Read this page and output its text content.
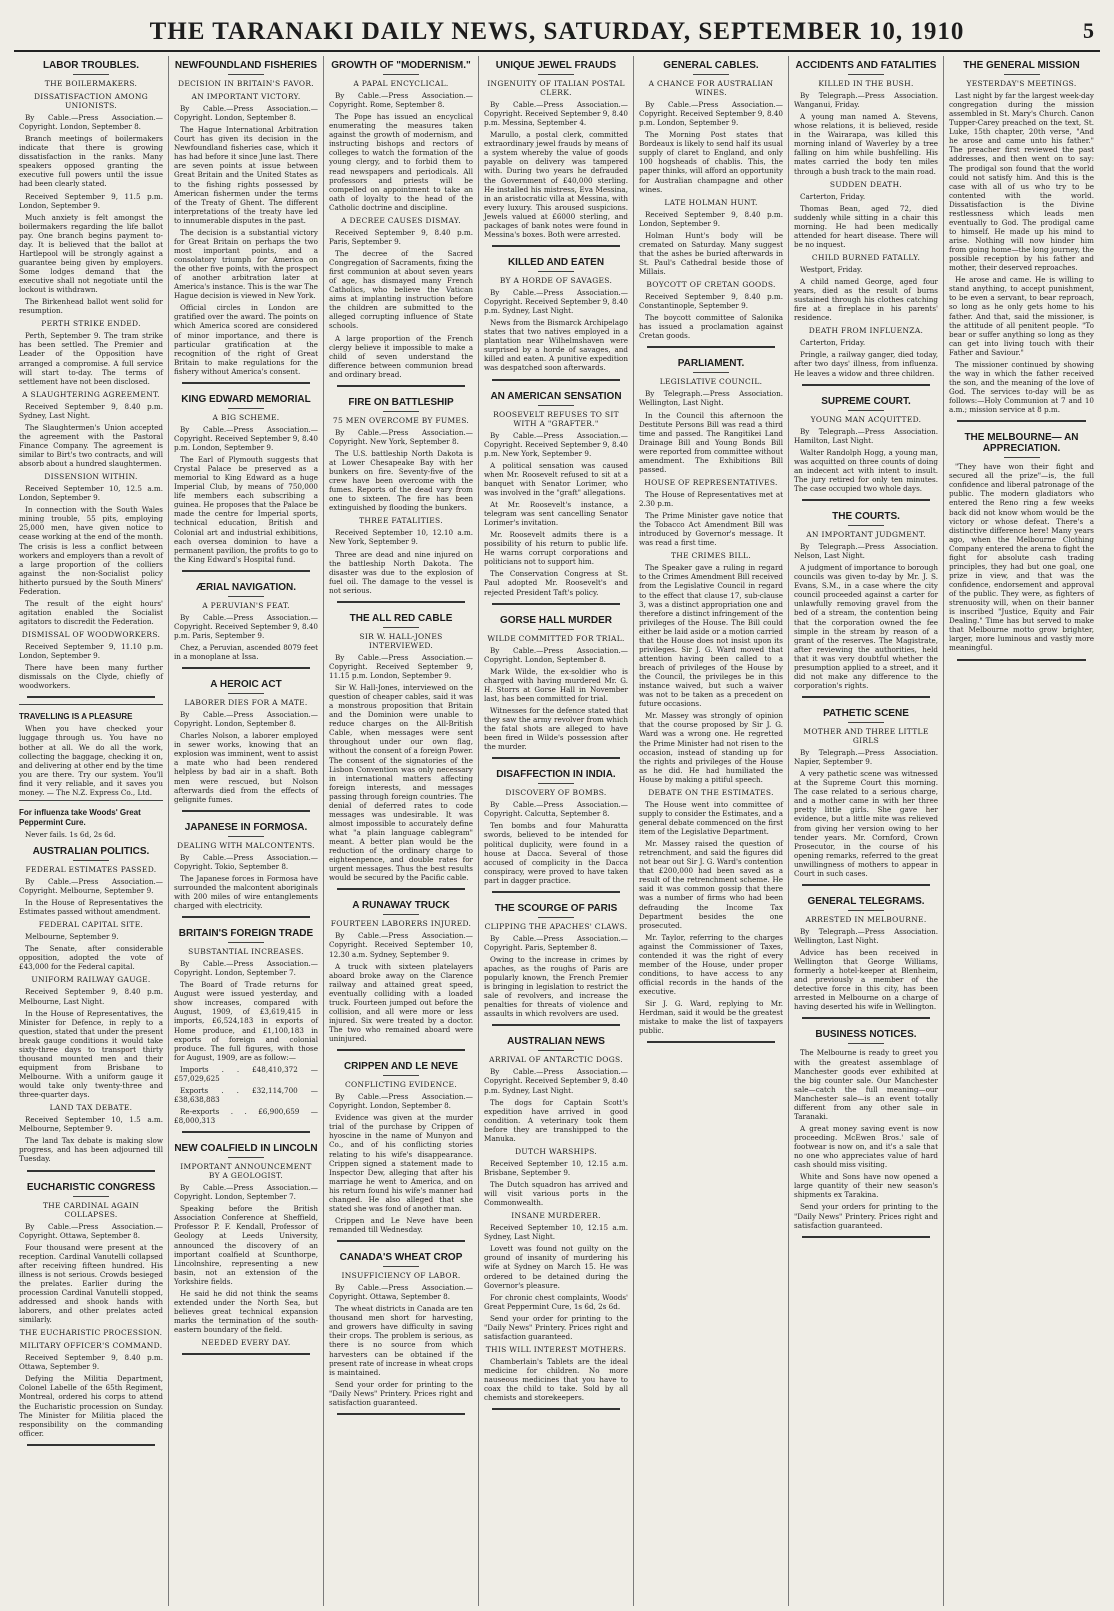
THE TARANAKI DAILY NEWS, SATURDAY, SEPTEMBER 10, 1910	5
LABOR TROUBLES.
THE BOILERMAKERS.
DISSATISFACTION AMONG UNIONISTS.
By Cable.—Press Association.—Copyright. London, September 8.
Branch meetings of boilermakers indicate that there is growing dissatisfaction in the ranks. Many speakers opposed granting the executive full powers until the issue had been clearly stated.
Received September 9, 11.5 p.m. London, September 9.
Much anxiety is felt amongst the boilermakers regarding the life ballot pay. One branch begins payment to-day. It is believed that the ballot at Hartlepool will be strongly against a guarantee being given by employers. Some lodges demand that the executive shall not negotiate until the lockout is withdrawn.
The Birkenhead ballot went solid for resumption.
PERTH STRIKE ENDED.
Perth, September 9. The tram strike has been settled. The Premier and Leader of the Opposition have arranged a compromise. A full service will start to-day. The terms of settlement have not been disclosed.
A SLAUGHTERING AGREEMENT.
Received September 9, 8.40 p.m. Sydney, Last Night.
The Slaughtermen's Union accepted the agreement with the Pastoral Finance Company. The agreement is similar to Birt's two contracts, and will absorb about a hundred slaughtermen.
DISSENSION WITHIN.
Received September 10, 12.5 a.m. London, September 9.
In connection with the South Wales mining trouble, 55 pits, employing 25,000 men, have given notice to cease working at the end of the month. The crisis is less a conflict between workers and employers than a revolt of a large proportion of the colliers against the non-Socialist policy hitherto pursued by the South Miners' Federation.
The result of the eight hours' agitation enabled the Socialist agitators to discredit the Federation.
DISMISSAL OF WOODWORKERS.
Received September 9, 11.10 p.m. London, September 9.
There have been many further dismissals on the Clyde, chiefly of woodworkers.
TRAVELLING IS A PLEASURE
When you have checked your luggage through us. You have no bother at all. We do all the work, collecting the baggage, checking it on, and delivering at other end by the time you are there. Try our system. You'll find it very reliable, and it saves you money. — The N.Z. Express Co., Ltd.
For influenza take Woods' Great Peppermint Cure.
Never fails. 1s 6d, 2s 6d.
AUSTRALIAN POLITICS.
FEDERAL ESTIMATES PASSED.
By Cable.—Press Association.—Copyright. Melbourne, September 9.
In the House of Representatives the Estimates passed without amendment.
FEDERAL CAPITAL SITE.
Melbourne, September 9.
The Senate, after considerable opposition, adopted the vote of £43,000 for the Federal capital.
UNIFORM RAILWAY GAUGE.
Received September 9, 8.40 p.m. Melbourne, Last Night.
In the House of Representatives, the Minister for Defence, in reply to a question, stated that under the present break gauge conditions it would take sixty-three days to transport thirty thousand mounted men and their equipment from Brisbane to Melbourne. With a uniform gauge it would take only twenty-three and three-quarter days.
LAND TAX DEBATE.
Received September 10, 1.5 a.m. Melbourne, September 9.
The land Tax debate is making slow progress, and has been adjourned till Tuesday.
EUCHARISTIC CONGRESS
THE CARDINAL AGAIN COLLAPSES.
By Cable.—Press Association.—Copyright. Ottawa, September 8.
Four thousand were present at the reception. Cardinal Vanutelli collapsed after receiving fifteen hundred. His illness is not serious. Crowds besieged the prelates. Earlier during the procession Cardinal Vanutelli stopped, addressed and shook hands with laborers, and other prelates acted similarly.
THE EUCHARISTIC PROCESSION.
MILITARY OFFICER'S COMMAND.
Received September 9, 8.40 p.m. Ottawa, September 9.
Defying the Militia Department, Colonel Labelle of the 65th Regiment, Montreal, ordered his corps to attend the Eucharistic procession on Sunday. The Minister for Militia placed the responsibility on the commanding officer.
NEWFOUNDLAND FISHERIES
DECISION IN BRITAIN'S FAVOR.
AN IMPORTANT VICTORY.
By Cable.—Press Association.—Copyright. London, September 8.
The Hague International Arbitration Court has given its decision in the Newfoundland fisheries case, which it has had before it since June last. There are seven points at issue between Great Britain and the United States as to the fishing rights possessed by American fishermen under the terms of the Treaty of Ghent. The different interpretations of the treaty have led to innumerable disputes in the past.
The decision is a substantial victory for Great Britain on perhaps the two most important points, and a consolatory triumph for America on the other five points, with the prospect of another arbitration later at America's instance. This is the war The Hague decision is viewed in New York.
Official circles in London are gratified over the award. The points on which America scored are considered of minor importance, and there is particular gratification at the recognition of the right of Great Britain to make regulations for the fishery without America's consent.
KING EDWARD MEMORIAL
A BIG SCHEME.
By Cable.—Press Association.—Copyright. Received September 9, 8.40 p.m. London, September 9.
The Earl of Plymouth suggests that Crystal Palace be preserved as a memorial to King Edward as a huge Imperial Club, by means of 750,000 life members each subscribing a guinea. He proposes that the Palace be made the centre for Imperial sports, technical education, British and Colonial art and industrial exhibitions, each oversea dominion to have a permanent pavilion, the profits to go to the King Edward's Hospital fund.
ÆRIAL NAVIGATION.
A PERUVIAN'S FEAT.
By Cable.—Press Association.—Copyright. Received September 9, 8.40 p.m. Paris, September 9.
Chez, a Peruvian, ascended 8079 feet in a monoplane at Issa.
A HEROIC ACT
LABORER DIES FOR A MATE.
By Cable.—Press Association.—Copyright. London, September 8.
Charles Nolson, a laborer employed in sewer works, knowing that an explosion was imminent, went to assist a mate who had been rendered helpless by bad air in a shaft. Both men were rescued, but Nolson afterwards died from the effects of gelignite fumes.
JAPANESE IN FORMOSA.
DEALING WITH MALCONTENTS.
By Cable.—Press Association.—Copyright. Tokio, September 8.
The Japanese forces in Formosa have surrounded the malcontent aboriginals with 200 miles of wire entanglements charged with electricity.
BRITAIN'S FOREIGN TRADE
SUBSTANTIAL INCREASES.
By Cable.—Press Association.—Copyright. London, September 7.
The Board of Trade returns for August were issued yesterday, and show increases, compared with August, 1909, of £3,619,415 in imports, £6,524,183 in exports of Home produce, and £1,100,183 in exports of foreign and colonial produce. The full figures, with those for August, 1909, are as follow:—
Imports . . £48,410,372 — £57,029,625
Exports . . £32,114,700 — £38,638,883
Re-exports . . £6,900,659 — £8,000,313
NEW COALFIELD IN LINCOLN
IMPORTANT ANNOUNCEMENT BY A GEOLOGIST.
By Cable.—Press Association.—Copyright. London, September 7.
Speaking before the British Association Conference at Sheffield, Professor P. F. Kendall, Professor of Geology at Leeds University, announced the discovery of an important coalfield at Scunthorpe, Lincolnshire, representing a new basin, not an extension of the Yorkshire fields.
He said he did not think the seams extended under the North Sea, but believes great technical expansion marks the termination of the south-eastern boundary of the field.
NEEDED EVERY DAY.
GROWTH OF "MODERNISM."
A PAPAL ENCYCLICAL.
By Cable.—Press Association.—Copyright. Rome, September 8.
The Pope has issued an encyclical enumerating the measures taken against the growth of modernism, and instructing bishops and rectors of colleges to watch the formation of the young clergy, and to forbid them to read newspapers and periodicals. All professors and priests will be compelled on appointment to take an oath of loyalty to the head of the Catholic doctrine and discipline.
A DECREE CAUSES DISMAY.
Received September 9, 8.40 p.m. Paris, September 9.
The decree of the Sacred Congregation of Sacraments, fixing the first communion at about seven years of age, has dismayed many French Catholics, who believe the Vatican aims at implanting instruction before the children are submitted to the alleged corrupting influence of State schools.
A large proportion of the French clergy believe it impossible to make a child of seven understand the difference between communion bread and ordinary bread.
FIRE ON BATTLESHIP
75 MEN OVERCOME BY FUMES.
By Cable.—Press Association.—Copyright. New York, September 8.
The U.S. battleship North Dakota is at Lower Chesapeake Bay with her bunkers on fire. Seventy-five of the crew have been overcome with the fumes. Reports of the dead vary from one to sixteen. The fire has been extinguished by flooding the bunkers.
THREE FATALITIES.
Received September 10, 12.10 a.m. New York, September 9.
Three are dead and nine injured on the battleship North Dakota. The disaster was due to the explosion of fuel oil. The damage to the vessel is not serious.
THE ALL RED CABLE
SIR W. HALL-JONES INTERVIEWED.
By Cable.—Press Association.—Copyright. Received September 9, 11.15 p.m. London, September 9.
Sir W. Hall-Jones, interviewed on the question of cheaper cables, said it was a monstrous proposition that Britain and the Dominion were unable to reduce charges on the All-British Cable, when messages were sent throughout under our own flag, without the consent of a foreign Power. The consent of the signatories of the Lisbon Convention was only necessary in international matters affecting foreign interests, and messages passing through foreign countries. The denial of deferred rates to code messages was undesirable. It was almost impossible to accurately define what "a plain language cablegram" meant. A better plan would be the reduction of the ordinary charge to eighteenpence, and double rates for urgent messages. Thus the best results would be secured by the Pacific cable.
A RUNAWAY TRUCK
FOURTEEN LABORERS INJURED.
By Cable.—Press Association.—Copyright. Received September 10, 12.30 a.m. Sydney, September 9.
A truck with sixteen platelayers aboard broke away on the Clarence railway and attained great speed, eventually colliding with a loaded truck. Fourteen jumped out before the collision, and all were more or less injured. Six were treated by a doctor. The two who remained aboard were uninjured.
CRIPPEN AND LE NEVE
CONFLICTING EVIDENCE.
By Cable.—Press Association.—Copyright. London, September 8.
Evidence was given at the murder trial of the purchase by Crippen of hyoscine in the name of Munyon and Co., and of his conflicting stories relating to his wife's disappearance. Crippen signed a statement made to Inspector Dew, alleging that after his marriage he went to America, and on his return found his wife's manner had changed. He also alleged that she stated she was fond of another man.
Crippen and Le Neve have been remanded till Wednesday.
CANADA'S WHEAT CROP
INSUFFICIENCY OF LABOR.
By Cable.—Press Association.—Copyright. Ottawa, September 8.
The wheat districts in Canada are ten thousand men short for harvesting, and growers have difficulty in saving their crops. The problem is serious, as there is no source from which harvesters can be obtained if the present rate of increase in wheat crops is maintained.
Send your order for printing to the "Daily News" Printery. Prices right and satisfaction guaranteed.
UNIQUE JEWEL FRAUDS
INGENUITY OF ITALIAN POSTAL CLERK.
By Cable.—Press Association.—Copyright. Received September 9, 8.40 p.m. Messina, September 4.
Marullo, a postal clerk, committed extraordinary jewel frauds by means of a system whereby the value of goods payable on delivery was tampered with. During two years he defrauded the Government of £40,000 sterling. He installed his mistress, Eva Messina, in an aristocratic villa at Messina, with every luxury. This aroused suspicions. Jewels valued at £6000 sterling, and packages of bank notes were found in Messina's boxes. Both were arrested.
KILLED AND EATEN
BY A HORDE OF SAVAGES.
By Cable.—Press Association.—Copyright. Received September 9, 8.40 p.m. Sydney, Last Night.
News from the Bismarck Archipelago states that two natives employed in a plantation near Wilhelmshaven were surprised by a horde of savages, and killed and eaten. A punitive expedition was despatched soon afterwards.
AN AMERICAN SENSATION
ROOSEVELT REFUSES TO SIT WITH A "GRAFTER."
By Cable.—Press Association.—Copyright. Received September 9, 8.40 p.m. New York, September 9.
A political sensation was caused when Mr. Roosevelt refused to sit at a banquet with Senator Lorimer, who was involved in the "graft" allegations.
At Mr. Roosevelt's instance, a telegram was sent cancelling Senator Lorimer's invitation.
Mr. Roosevelt admits there is a possibility of his return to public life. He warns corrupt corporations and politicians not to support him.
The Conservation Congress at St. Paul adopted Mr. Roosevelt's and rejected President Taft's policy.
GORSE HALL MURDER
WILDE COMMITTED FOR TRIAL.
By Cable.—Press Association.—Copyright. London, September 8.
Mark Wilde, the ex-soldier who is charged with having murdered Mr. G. H. Storrs at Gorse Hall in November last, has been committed for trial.
Witnesses for the defence stated that they saw the army revolver from which the fatal shots are alleged to have been fired in Wilde's possession after the murder.
DISAFFECTION IN INDIA.
DISCOVERY OF BOMBS.
By Cable.—Press Association.—Copyright. Calcutta, September 8.
Ten bombs and four Mahuratta swords, believed to be intended for political duplicity, were found in a house at Dacca. Several of those accused of complicity in the Dacca conspiracy, were proved to have taken part in dagger practice.
THE SCOURGE OF PARIS
CLIPPING THE APACHES' CLAWS.
By Cable.—Press Association.—Copyright. Paris, September 8.
Owing to the increase in crimes by apaches, as the roughs of Paris are popularly known, the French Premier is bringing in legislation to restrict the sale of revolvers, and increase the penalties for threats of violence and assaults in which revolvers are used.
AUSTRALIAN NEWS
ARRIVAL OF ANTARCTIC DOGS.
By Cable.—Press Association.—Copyright. Received September 9, 8.40 p.m. Sydney, Last Night.
The dogs for Captain Scott's expedition have arrived in good condition. A veterinary took them before they are transhipped to the Manuka.
DUTCH WARSHIPS.
Received September 10, 12.15 a.m. Brisbane, September 9.
The Dutch squadron has arrived and will visit various ports in the Commonwealth.
INSANE MURDERER.
Received September 10, 12.15 a.m. Sydney, Last Night.
Lovett was found not guilty on the ground of insanity of murdering his wife at Sydney on March 15. He was ordered to be detained during the Governor's pleasure.
For chronic chest complaints, Woods' Great Peppermint Cure, 1s 6d, 2s 6d.
Send your order for printing to the "Daily News" Printery. Prices right and satisfaction guaranteed.
THIS WILL INTEREST MOTHERS.
Chamberlain's Tablets are the ideal medicine for children. No more nauseous medicines that you have to coax the child to take. Sold by all chemists and storekeepers.
GENERAL CABLES.
A CHANCE FOR AUSTRALIAN WINES.
By Cable.—Press Association.—Copyright. Received September 9, 8.40 p.m. London, September 9.
The Morning Post states that Bordeaux is likely to send half its usual supply of claret to England, and only 100 hogsheads of chablis. This, the paper thinks, will afford an opportunity for Australian champagne and other wines.
LATE HOLMAN HUNT.
Received September 9, 8.40 p.m. London, September 9.
Holman Hunt's body will be cremated on Saturday. Many suggest that the ashes be buried afterwards in St. Paul's Cathedral beside those of Millais.
BOYCOTT OF CRETAN GOODS.
Received September 9, 8.40 p.m. Constantinople, September 9.
The boycott committee of Salonika has issued a proclamation against Cretan goods.
PARLIAMENT.
LEGISLATIVE COUNCIL.
By Telegraph.—Press Association. Wellington, Last Night.
In the Council this afternoon the Destitute Persons Bill was read a third time and passed. The Rangitikei Land Drainage Bill and Young Bonds Bill were reported from committee without amendment. The Exhibitions Bill passed.
HOUSE OF REPRESENTATIVES.
The House of Representatives met at 2.30 p.m.
The Prime Minister gave notice that the Tobacco Act Amendment Bill was introduced by Governor's message. It was read a first time.
THE CRIMES BILL.
The Speaker gave a ruling in regard to the Crimes Amendment Bill received from the Legislative Council in regard to the effect that clause 17, sub-clause 3, was a distinct appropriation one and therefore a distinct infringement of the privileges of the House. The Bill could either be laid aside or a motion carried that the House does not insist upon its privileges. Sir J. G. Ward moved that attention having been called to a breach of privileges of the House by the Council, the privileges be in this instance waived, but such a waiver was not to be taken as a precedent on future occasions.
Mr. Massey was strongly of opinion that the course proposed by Sir J. G. Ward was a wrong one. He regretted the Prime Minister had not risen to the occasion, instead of standing up for the rights and privileges of the House as he did. He had humiliated the House by making a pitiful speech.
DEBATE ON THE ESTIMATES.
The House went into committee of supply to consider the Estimates, and a general debate commenced on the first item of the Legislative Department.
Mr. Massey raised the question of retrenchment, and said the figures did not bear out Sir J. G. Ward's contention that £200,000 had been saved as a result of the retrenchment scheme. He said it was common gossip that there was a number of firms who had been defrauding the Income Tax Department besides the one prosecuted.
Mr. Taylor, referring to the charges against the Commissioner of Taxes, contended it was the right of every member of the House, under proper conditions, to have access to any official records in the hands of the executive.
Sir J. G. Ward, replying to Mr. Herdman, said it would be the greatest mistake to make the list of taxpayers public.
ACCIDENTS AND FATALITIES
KILLED IN THE BUSH.
By Telegraph.—Press Association. Wanganui, Friday.
A young man named A. Stevens, whose relations, it is believed, reside in the Wairarapa, was killed this morning inland of Waverley by a tree falling on him while bushfelling. His mates carried the body ten miles through a bush track to the main road.
SUDDEN DEATH.
Carterton, Friday.
Thomas Bean, aged 72, died suddenly while sitting in a chair this morning. He had been medically attended for heart disease. There will be no inquest.
CHILD BURNED FATALLY.
Westport, Friday.
A child named George, aged four years, died as the result of burns sustained through his clothes catching fire at a fireplace in his parents' residence.
DEATH FROM INFLUENZA.
Carterton, Friday.
Pringle, a railway ganger, died today, after two days' illness, from influenza. He leaves a widow and three children.
SUPREME COURT.
YOUNG MAN ACQUITTED.
By Telegraph.—Press Association. Hamilton, Last Night.
Walter Randolph Hogg, a young man, was acquitted on three counts of doing an indecent act with intent to insult. The jury retired for only ten minutes. The case occupied two whole days.
THE COURTS.
AN IMPORTANT JUDGMENT.
By Telegraph.—Press Association. Nelson, Last Night.
A judgment of importance to borough councils was given to-day by Mr. J. S. Evans, S.M., in a case where the city council proceeded against a carter for unlawfully removing gravel from the bed of a stream, the contention being that the corporation owned the fee simple in the stream by reason of a grant of the reserves. The Magistrate, after reviewing the authorities, held that it was very doubtful whether the presumption applied to a street, and it did not make any difference to the corporation's rights.
PATHETIC SCENE
MOTHER AND THREE LITTLE GIRLS
By Telegraph.—Press Association. Napier, September 9.
A very pathetic scene was witnessed at the Supreme Court this morning. The case related to a serious charge, and a mother came in with her three pretty little girls. She gave her evidence, but a little mite was relieved from giving her version owing to her tender years. Mr. Cornford, Crown Prosecutor, in the course of his opening remarks, referred to the great unwillingness of mothers to appear in Court in such cases.
GENERAL TELEGRAMS.
ARRESTED IN MELBOURNE.
By Telegraph.—Press Association. Wellington, Last Night.
Advice has been received in Wellington that George Williams, formerly a hotel-keeper at Blenheim, and previously a member of the detective force in this city, has been arrested in Melbourne on a charge of having deserted his wife in Wellington.
BUSINESS NOTICES.
The Melbourne is ready to greet you with the greatest assemblage of Manchester goods ever exhibited at the big counter sale. Our Manchester sale—catch the full meaning—our Manchester sale—is an event totally different from any other sale in Taranaki.
A great money saving event is now proceeding. McEwen Bros.' sale of footwear is now on, and it's a sale that no one who appreciates value of hard cash should miss visiting.
White and Sons have now opened a large quantity of their new season's shipments ex Tarakina.
Send your orders for printing to the "Daily News" Printery. Prices right and satisfaction guaranteed.
THE GENERAL MISSION
YESTERDAY'S MEETINGS.
Last night by far the largest week-day congregation during the mission assembled in St. Mary's Church. Canon Tupper-Carey preached on the text, St. Luke, 15th chapter, 20th verse, "And he arose and came unto his father." The preacher first reviewed the past addresses, and then went on to say: The prodigal son found that the world could not satisfy him. And this is the case with all of us who try to be contented with the world. Dissatisfaction is the Divine restlessness which leads men eventually to God. The prodigal came to himself. He made up his mind to arise. Nothing will now hinder him from going home—the long journey, the possible reception by his father and mother, their deserved reproaches.
He arose and came. He is willing to stand anything, to accept punishment, to be even a servant, to bear reproach, so long as he only gets home to his father. And that, said the missioner, is the attitude of all penitent people. "To bear or suffer anything so long as they can get into living touch with their Father and Saviour."
The missioner continued by showing the way in which the father received the son, and the meaning of the love of God. The services to-day will be as follows:—Holy Communion at 7 and 10 a.m.; mission service at 8 p.m.
THE MELBOURNE— AN APPRECIATION.
"They have won their fight and secured all the prize"—is, the full confidence and liberal patronage of the public. The modern gladiators who entered the Reno ring a few weeks back did not know whom would be the victory or whose defeat. There's a distinctive difference here! Many years ago, when the Melbourne Clothing Company entered the arena to fight the fight for absolute cash trading principles, they had but one goal, one prize in view, and that was the confidence, endorsement and approval of the public. They were, as fighters of strenuosity will, when on their banner is inscribed "Justice, Equity and Fair Dealing." Time has but served to make that Melbourne motto grow brighter, larger, more luminous and vastly more meaningful.
